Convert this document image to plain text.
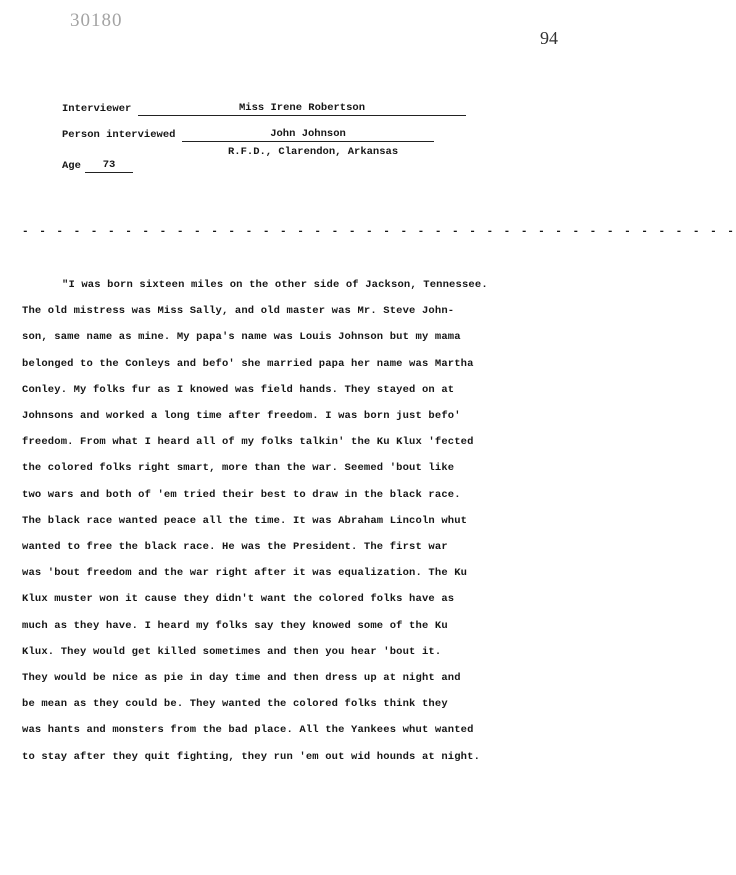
30180
94
Interviewer	Miss Irene Robertson
Person interviewed	John Johnson
R.F.D., Clarendon, Arkansas
Age	73
- - - - - - - - - - - - - - - - - - - - - - - - - - - - - - - - - - - - - - - - - -
"I was born sixteen miles on the other side of Jackson, Tennessee.
The old mistress was Miss Sally, and old master was Mr. Steve John-
son, same name as mine. My papa's name was Louis Johnson but my mama
belonged to the Conleys and befo' she married papa her name was Martha
Conley. My folks fur as I knowed was field hands. They stayed on at
Johnsons and worked a long time after freedom. I was born just befo'
freedom. From what I heard all of my folks talkin' the Ku Klux 'fected
the colored folks right smart, more than the war. Seemed 'bout like
two wars and both of 'em tried their best to draw in the black race.
The black race wanted peace all the time. It was Abraham Lincoln whut
wanted to free the black race. He was the President. The first war
was 'bout freedom and the war right after it was equalization. The Ku
Klux muster won it cause they didn't want the colored folks have as
much as they have. I heard my folks say they knowed some of the Ku
Klux. They would get killed sometimes and then you hear 'bout it.
They would be nice as pie in day time and then dress up at night and
be mean as they could be. They wanted the colored folks think they
was hants and monsters from the bad place. All the Yankees whut wanted
to stay after they quit fighting, they run 'em out wid hounds at night.
